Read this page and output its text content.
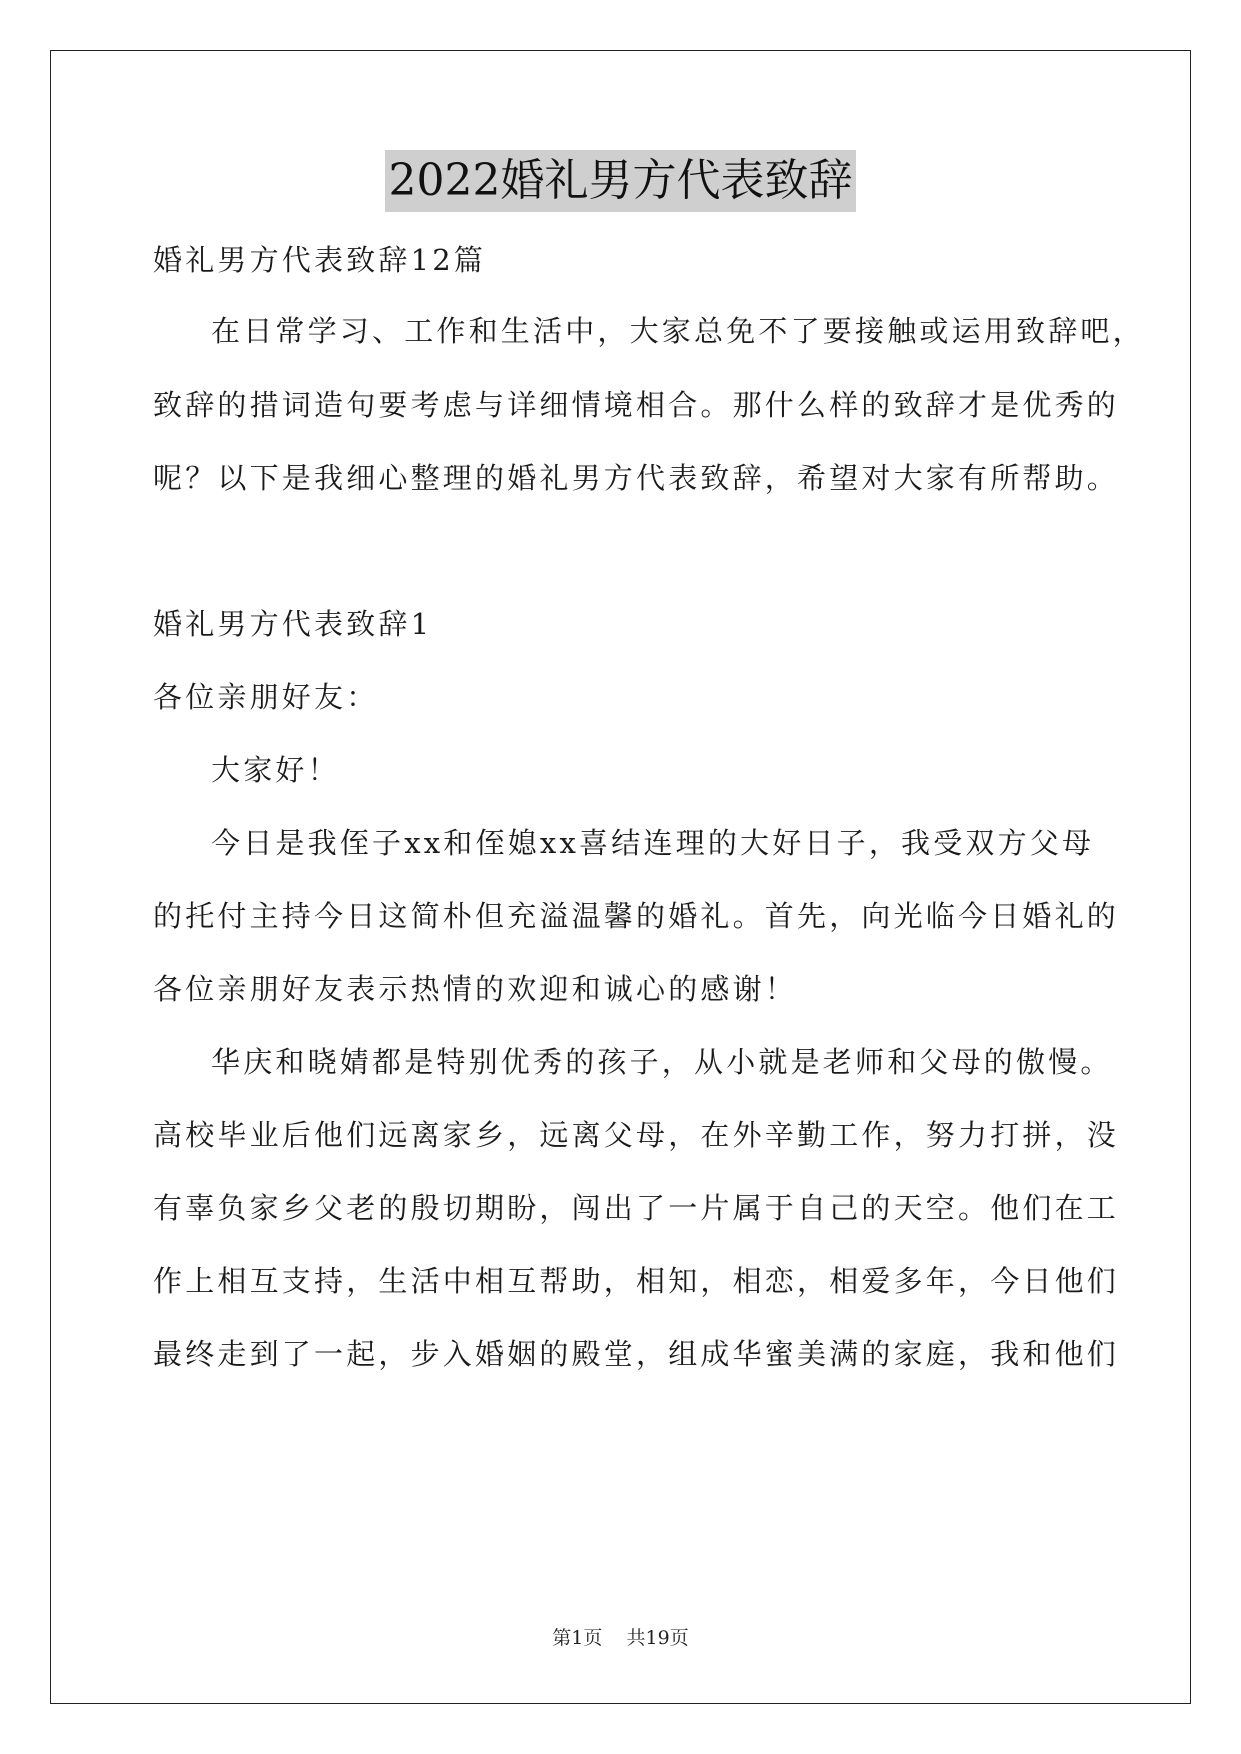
2022婚礼男方代表致辞
婚礼男方代表致辞12篇
在日常学习、工作和生活中，大家总免不了要接触或运用致辞吧，
致辞的措词造句要考虑与详细情境相合。那什么样的致辞才是优秀的
呢？以下是我细心整理的婚礼男方代表致辞，希望对大家有所帮助。
婚礼男方代表致辞1
各位亲朋好友：
大家好！
今日是我侄子xx和侄媳xx喜结连理的大好日子，我受双方父母
的托付主持今日这简朴但充溢温馨的婚礼。首先，向光临今日婚礼的
各位亲朋好友表示热情的欢迎和诚心的感谢！
华庆和晓婧都是特别优秀的孩子，从小就是老师和父母的傲慢。
高校毕业后他们远离家乡，远离父母，在外辛勤工作，努力打拼，没
有辜负家乡父老的殷切期盼，闯出了一片属于自己的天空。他们在工
作上相互支持，生活中相互帮助，相知，相恋，相爱多年，今日他们
最终走到了一起，步入婚姻的殿堂，组成华蜜美满的家庭，我和他们
第1页 共19页
